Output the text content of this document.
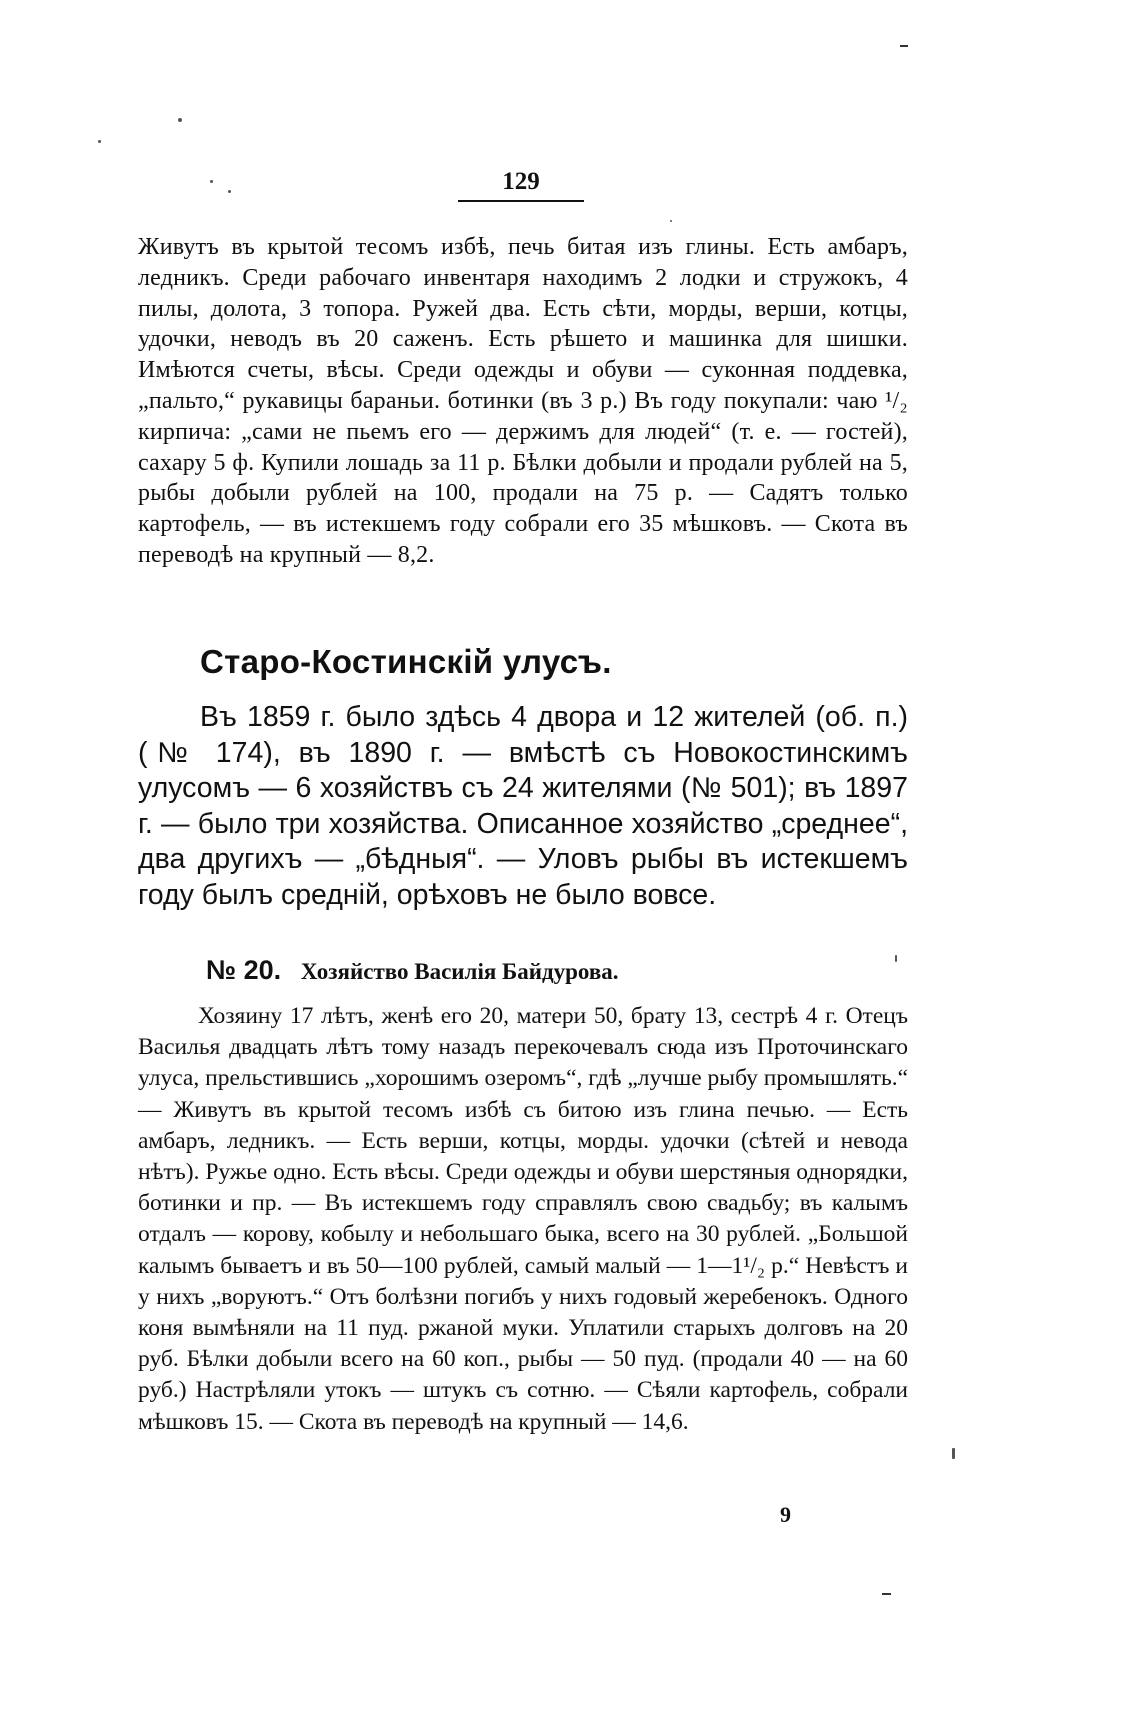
129

Живутъ въ крытой тесомъ избѣ, печь битая изъ глины. Есть амбаръ, ледникъ. Среди рабочаго инвентаря находимъ 2 лодки и стружокъ, 4 пилы, долота, 3 топора. Ружей два. Есть сѣти, морды, верши, котцы, удочки, неводъ въ 20 саженъ. Есть рѣшето и машинка для шишки. Имѣются счеты, вѣсы. Среди одежды и обуви — суконная поддевка, „пальто,“ рукавицы бараньи. ботинки (въ 3 р.) Въ году покупали: чаю ¹/₂ кирпича: „сами не пьемъ его — держимъ для людей“ (т. е. — гостей), сахару 5 ф. Купили лошадь за 11 р. Бѣлки добыли и продали рублей на 5, рыбы добыли рублей на 100, продали на 75 р. — Садятъ только картофель, — въ истекшемъ году собрали его 35 мѣшковъ. — Скота въ переводѣ на крупный — 8,2.

Старо-Костинскій улусъ.

Въ 1859 г. было здѣсь 4 двора и 12 жителей (об. п.) (№ 174), въ 1890 г. — вмѣстѣ съ Новокостинскимъ улусомъ — 6 хозяйствъ съ 24 жителями (№ 501); въ 1897 г. — было три хозяйства. Описанное хозяйство „среднее“, два другихъ — „бѣдныя“. — Уловъ рыбы въ истекшемъ году былъ средній, орѣховъ не было вовсе.

№ 20. Хозяйство Василія Байдурова.

Хозяину 17 лѣтъ, женѣ его 20, матери 50, брату 13, сестрѣ 4 г. Отецъ Василья двадцать лѣтъ тому назадъ перекочевалъ сюда изъ Проточинскаго улуса, прельстившись „хорошимъ озеромъ“, гдѣ „лучше рыбу промышлять.“ — Живутъ въ крытой тесомъ избѣ съ битою изъ глина печью. — Есть амбаръ, ледникъ. — Есть верши, котцы, морды. удочки (сѣтей и невода нѣтъ). Ружье одно. Есть вѣсы. Среди одежды и обуви шерстяныя однорядки, ботинки и пр. — Въ истекшемъ году справлялъ свою свадьбу; въ калымъ отдалъ — корову, кобылу и небольшаго быка, всего на 30 рублей. „Большой калымъ бываетъ и въ 50—100 рублей, самый малый — 1—1¹/₂ р.“ Невѣстъ и у нихъ „воруютъ.“ Отъ болѣзни погибъ у нихъ годовый жеребенокъ. Одного коня вымѣняли на 11 пуд. ржаной муки. Уплатили старыхъ долговъ на 20 руб. Бѣлки добыли всего на 60 коп., рыбы — 50 пуд. (продали 40 — на 60 руб.) Настрѣляли утокъ — штукъ съ сотню. — Сѣяли картофель, собрали мѣшковъ 15. — Скота въ переводѣ на крупный — 14,6.

9
